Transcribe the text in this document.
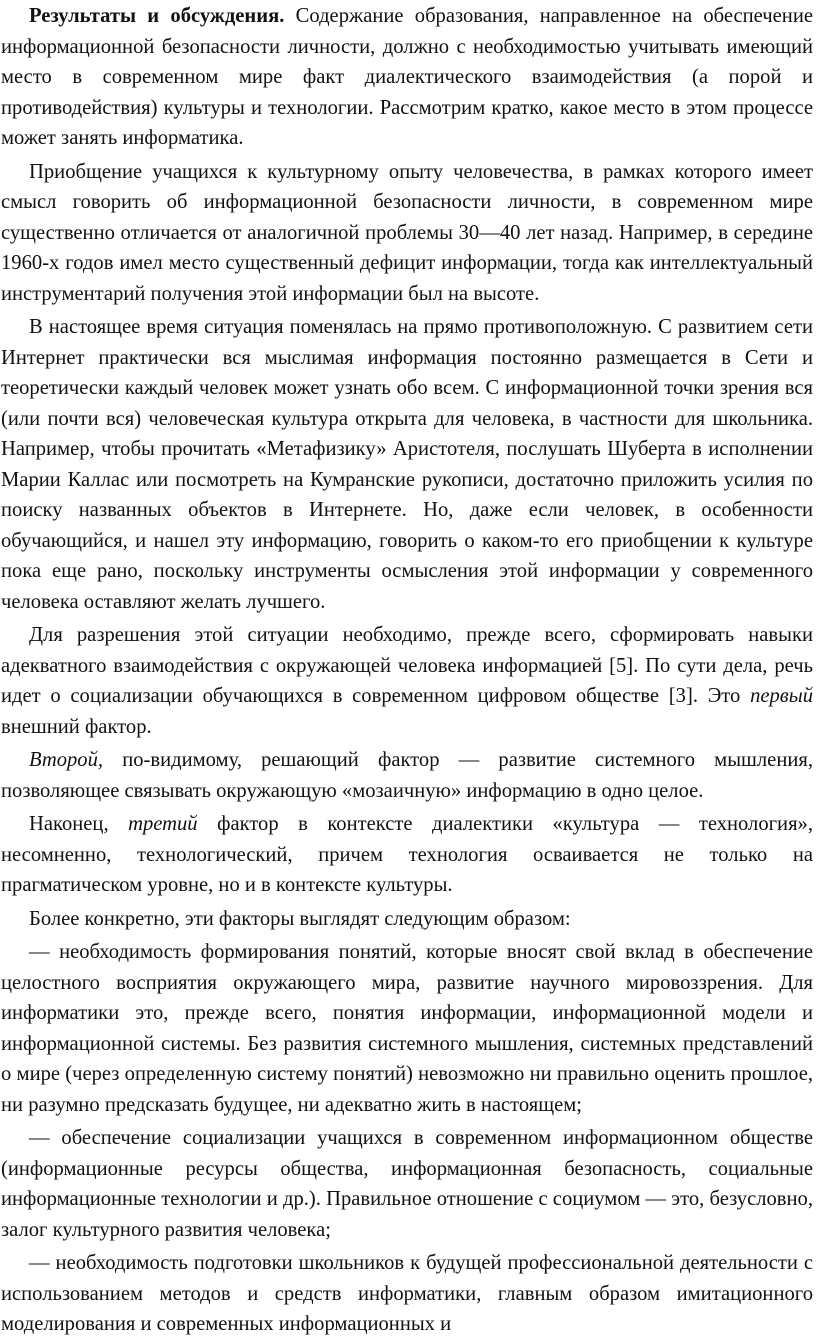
Результаты и обсуждения. Содержание образования, направленное на обеспечение информационной безопасности личности, должно с необходимостью учитывать имеющий место в современном мире факт диалектического взаимодействия (а порой и противодействия) культуры и технологии. Рассмотрим кратко, какое место в этом процессе может занять информатика.

Приобщение учащихся к культурному опыту человечества, в рамках которого имеет смысл говорить об информационной безопасности личности, в современном мире существенно отличается от аналогичной проблемы 30—40 лет назад. Например, в середине 1960-х годов имел место существенный дефицит информации, тогда как интеллектуальный инструментарий получения этой информации был на высоте.

В настоящее время ситуация поменялась на прямо противоположную. С развитием сети Интернет практически вся мыслимая информация постоянно размещается в Сети и теоретически каждый человек может узнать обо всем. С информационной точки зрения вся (или почти вся) человеческая культура открыта для человека, в частности для школьника. Например, чтобы прочитать «Метафизику» Аристотеля, послушать Шуберта в исполнении Марии Каллас или посмотреть на Кумранские рукописи, достаточно приложить усилия по поиску названных объектов в Интернете. Но, даже если человек, в особенности обучающийся, и нашел эту информацию, говорить о каком-то его приобщении к культуре пока еще рано, поскольку инструменты осмысления этой информации у современного человека оставляют желать лучшего.

Для разрешения этой ситуации необходимо, прежде всего, сформировать навыки адекватного взаимодействия с окружающей человека информацией [5]. По сути дела, речь идет о социализации обучающихся в современном цифровом обществе [3]. Это первый внешний фактор.

Второй, по-видимому, решающий фактор — развитие системного мышления, позволяющее связывать окружающую «мозаичную» информацию в одно целое.

Наконец, третий фактор в контексте диалектики «культура — технология», несомненно, технологический, причем технология осваивается не только на прагматическом уровне, но и в контексте культуры.

Более конкретно, эти факторы выглядят следующим образом:

— необходимость формирования понятий, которые вносят свой вклад в обеспечение целостного восприятия окружающего мира, развитие научного мировоззрения. Для информатики это, прежде всего, понятия информации, информационной модели и информационной системы. Без развития системного мышления, системных представлений о мире (через определенную систему понятий) невозможно ни правильно оценить прошлое, ни разумно предсказать будущее, ни адекватно жить в настоящем;

— обеспечение социализации учащихся в современном информационном обществе (информационные ресурсы общества, информационная безопасность, социальные информационные технологии и др.). Правильное отношение с социумом — это, безусловно, залог культурного развития человека;

— необходимость подготовки школьников к будущей профессиональной деятельности с использованием методов и средств информатики, главным образом имитационного моделирования и современных информационных и
